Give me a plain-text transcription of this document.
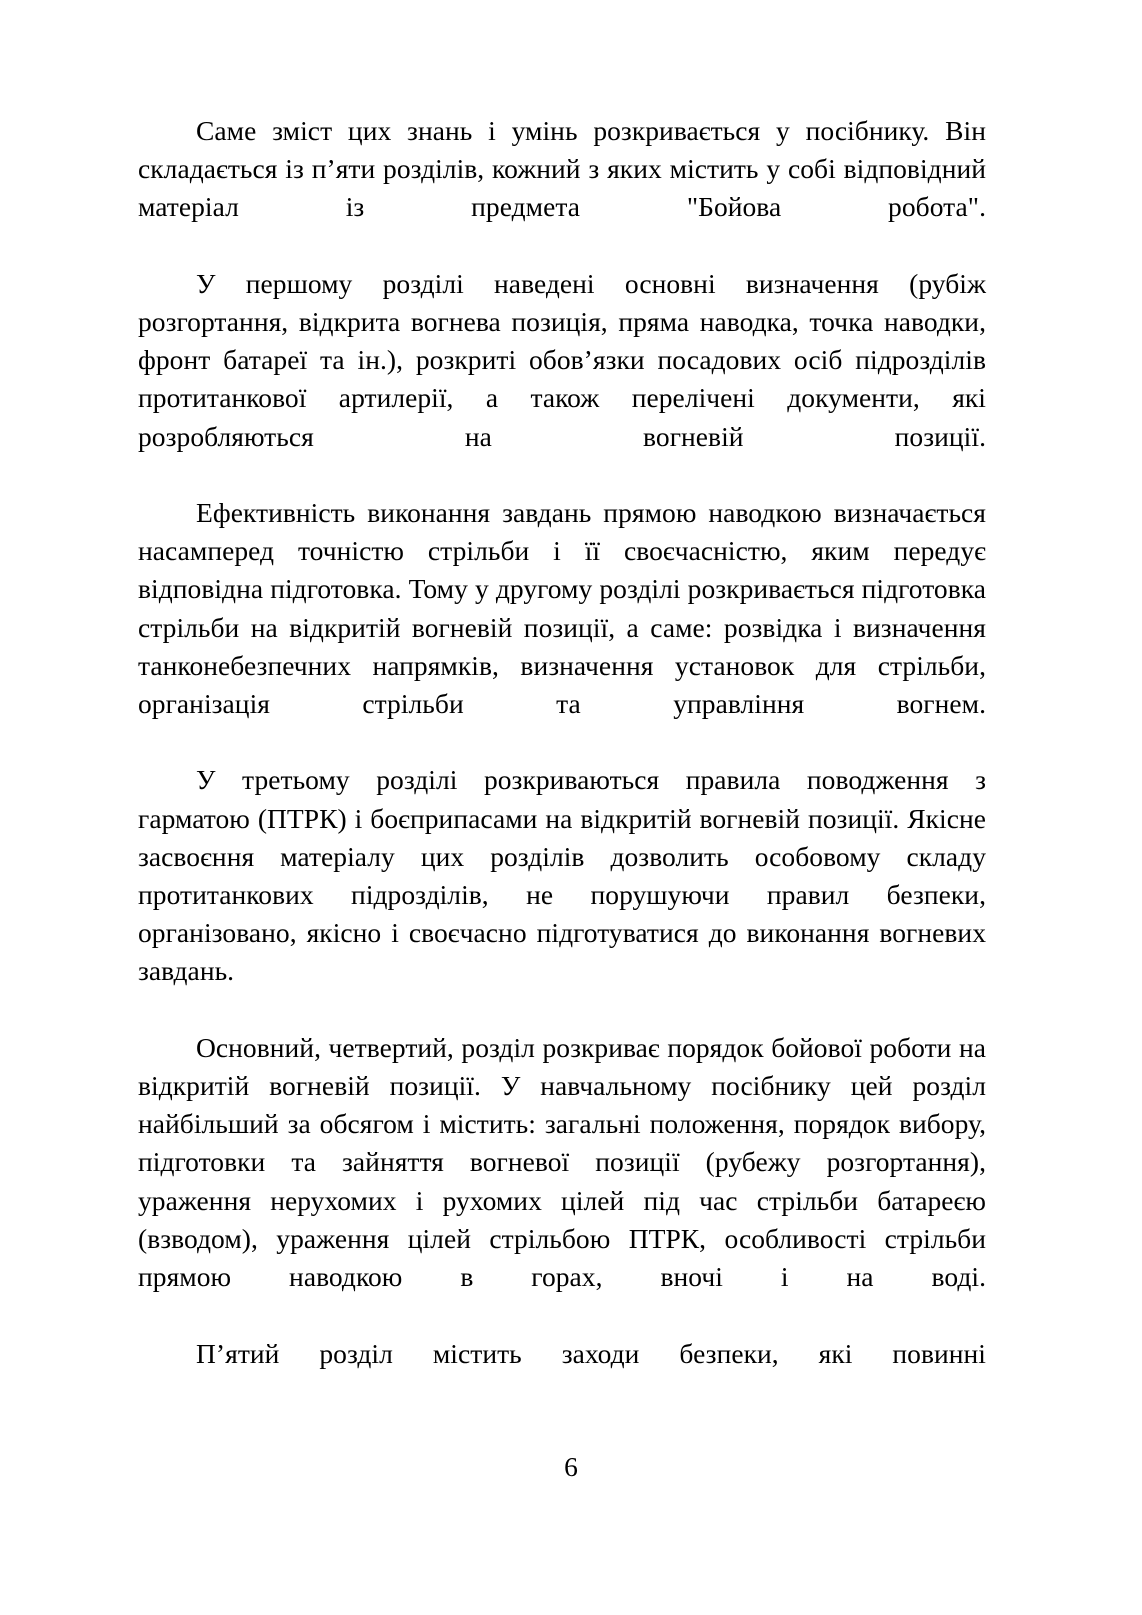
Саме зміст цих знань і умінь розкривається у посібнику. Він складається із п’яти розділів, кожний з яких містить у собі відповідний матеріал із предмета "Бойова робота".

У першому розділі наведені основні визначення (рубіж розгортання, відкрита вогнева позиція, пряма наводка, точка наводки, фронт батареї та ін.), розкриті обов’язки посадових осіб підрозділів протитанкової артилерії, а також перелічені документи, які розробляються на вогневій позиції.

Ефективність виконання завдань прямою наводкою визначається насамперед точністю стрільби і її своєчасністю, яким передує відповідна підготовка. Тому у другому розділі розкривається підготовка стрільби на відкритій вогневій позиції, а саме: розвідка і визначення танконебезпечних напрямків, визначення установок для стрільби, організація стрільби та управління вогнем.

У третьому розділі розкриваються правила поводження з гарматою (ПТРК) і боєприпасами на відкритій вогневій позиції. Якісне засвоєння матеріалу цих розділів дозволить особовому складу протитанкових підрозділів, не порушуючи правил безпеки, організовано, якісно і своєчасно підготуватися до виконання вогневих завдань.

Основний, четвертий, розділ розкриває порядок бойової роботи на відкритій вогневій позиції. У навчальному посібнику цей розділ найбільший за обсягом і містить: загальні положення, порядок вибору, підготовки та зайняття вогневої позиції (рубежу розгортання), ураження нерухомих і рухомих цілей під час стрільби батареєю (взводом), ураження цілей стрільбою ПТРК, особливості стрільби прямою наводкою в горах, вночі і на воді.

П’ятий розділ містить заходи безпеки, які повинні

6
